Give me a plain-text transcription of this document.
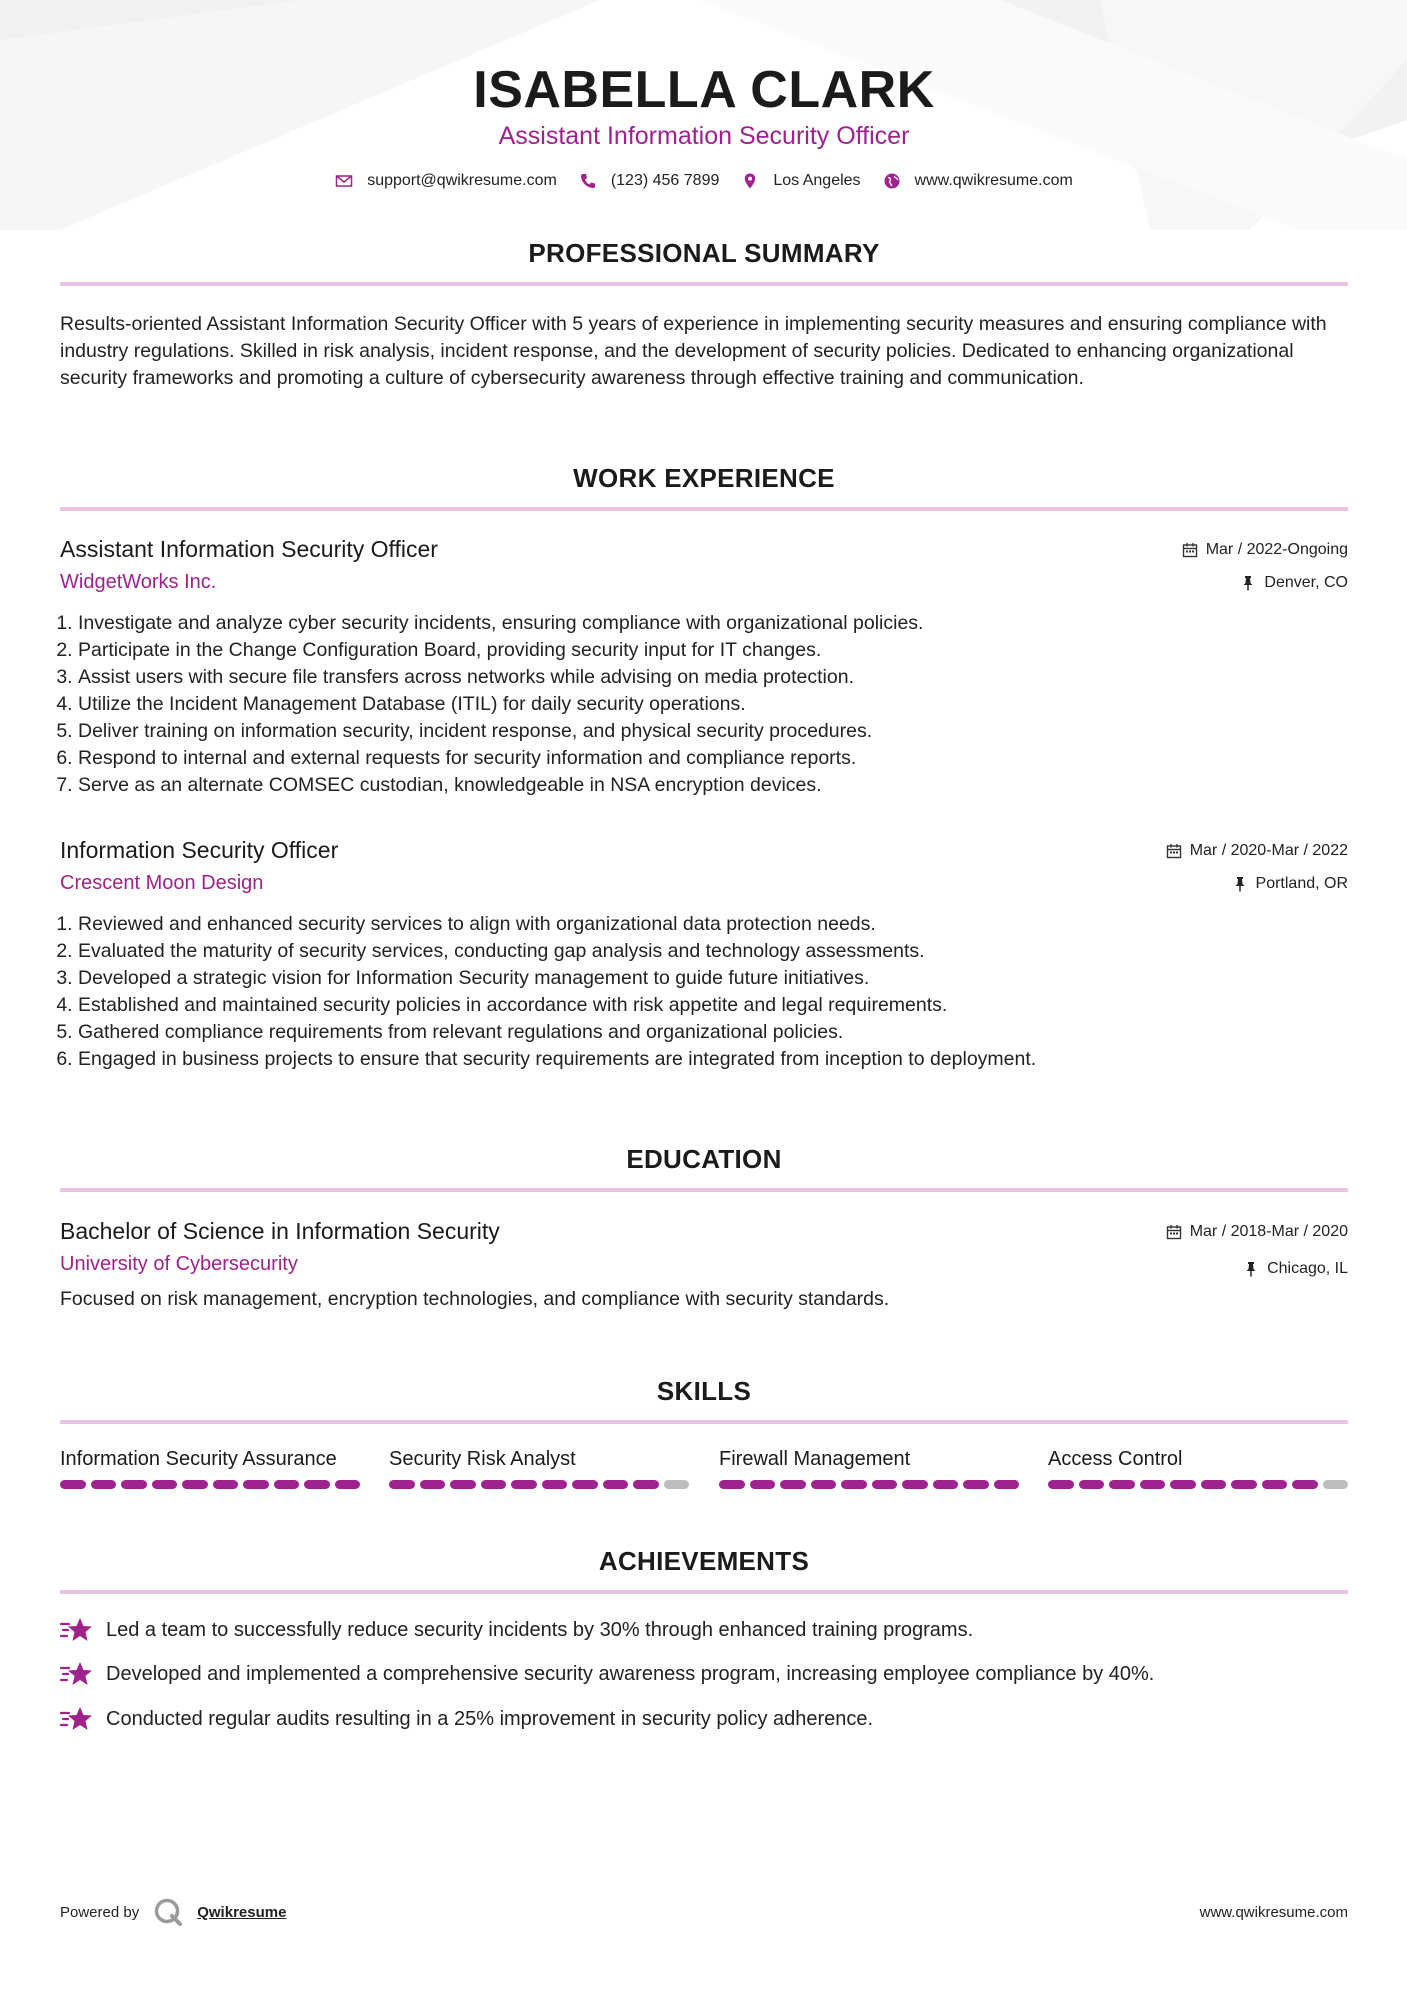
ISABELLA CLARK
Assistant Information Security Officer
support@qwikresume.com	(123) 456 7899	Los Angeles	www.qwikresume.com
PROFESSIONAL SUMMARY
Results-oriented Assistant Information Security Officer with 5 years of experience in implementing security measures and ensuring compliance with industry regulations. Skilled in risk analysis, incident response, and the development of security policies. Dedicated to enhancing organizational security frameworks and promoting a culture of cybersecurity awareness through effective training and communication.
WORK EXPERIENCE
Assistant Information Security Officer
WidgetWorks Inc.
Mar / 2022-Ongoing
Denver, CO
1. Investigate and analyze cyber security incidents, ensuring compliance with organizational policies.
2. Participate in the Change Configuration Board, providing security input for IT changes.
3. Assist users with secure file transfers across networks while advising on media protection.
4. Utilize the Incident Management Database (ITIL) for daily security operations.
5. Deliver training on information security, incident response, and physical security procedures.
6. Respond to internal and external requests for security information and compliance reports.
7. Serve as an alternate COMSEC custodian, knowledgeable in NSA encryption devices.
Information Security Officer
Crescent Moon Design
Mar / 2020-Mar / 2022
Portland, OR
1. Reviewed and enhanced security services to align with organizational data protection needs.
2. Evaluated the maturity of security services, conducting gap analysis and technology assessments.
3. Developed a strategic vision for Information Security management to guide future initiatives.
4. Established and maintained security policies in accordance with risk appetite and legal requirements.
5. Gathered compliance requirements from relevant regulations and organizational policies.
6. Engaged in business projects to ensure that security requirements are integrated from inception to deployment.
EDUCATION
Bachelor of Science in Information Security
University of Cybersecurity
Mar / 2018-Mar / 2020
Chicago, IL
Focused on risk management, encryption technologies, and compliance with security standards.
SKILLS
Information Security Assurance	Security Risk Analyst	Firewall Management	Access Control
ACHIEVEMENTS
Led a team to successfully reduce security incidents by 30% through enhanced training programs.
Developed and implemented a comprehensive security awareness program, increasing employee compliance by 40%.
Conducted regular audits resulting in a 25% improvement in security policy adherence.
Powered by	Qwikresume	www.qwikresume.com
